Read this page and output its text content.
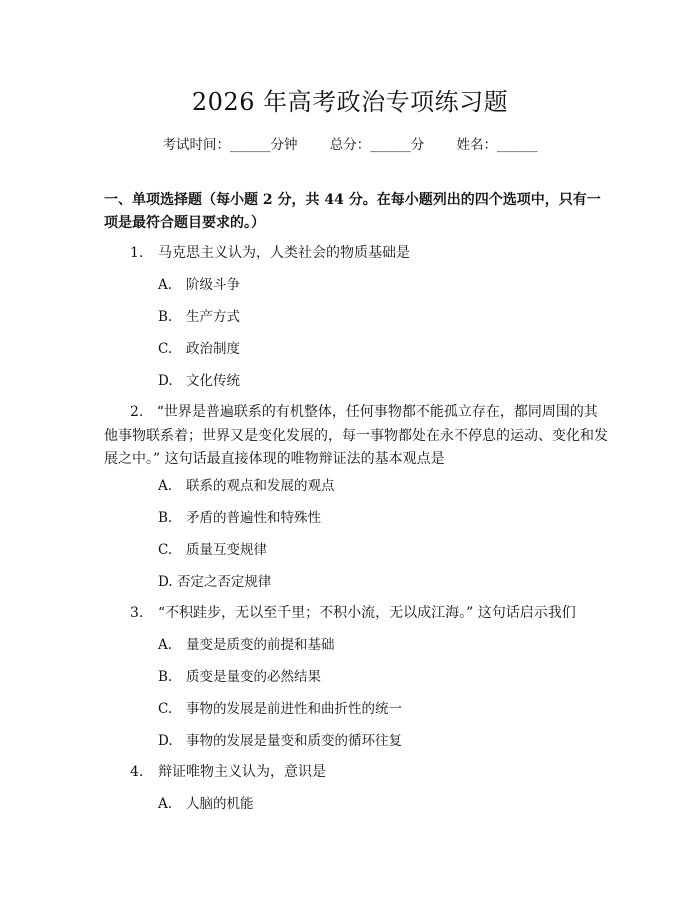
2026 年高考政治专项练习题
考试时间：______分钟 总分：______分 姓名：______
一、单项选择题（每小题 2 分，共 44 分。在每小题列出的四个选项中，只有一项是最符合题目要求的。）
1. 马克思主义认为，人类社会的物质基础是
A. 阶级斗争
B. 生产方式
C. 政治制度
D. 文化传统
2. “世界是普遍联系的有机整体，任何事物都不能孤立存在，都同周围的其他事物联系着；世界又是变化发展的，每一事物都处在永不停息的运动、变化和发展之中。” 这句话最直接体现的唯物辩证法的基本观点是
A. 联系的观点和发展的观点
B. 矛盾的普遍性和特殊性
C. 质量互变规律
D. 否定之否定规律
3. “不积跬步，无以至千里；不积小流，无以成江海。” 这句话启示我们
A. 量变是质变的前提和基础
B. 质变是量变的必然结果
C. 事物的发展是前进性和曲折性的统一
D. 事物的发展是量变和质变的循环往复
4. 辩证唯物主义认为，意识是
A. 人脑的机能
